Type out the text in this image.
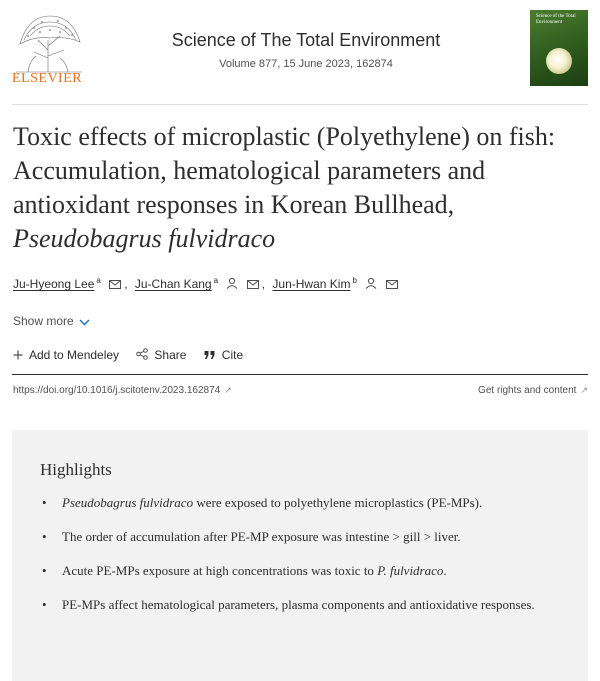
ELSEVIER
Science of The Total Environment
Volume 877, 15 June 2023, 162874
Science of the Total Environment
Toxic effects of microplastic (Polyethylene) on fish: Accumulation, hematological parameters and antioxidant responses in Korean Bullhead, Pseudobagrus fulvidraco
Ju-Hyeong Lee $^a$ , Ju-Chan Kang $^a$	, Jun-Hwan Kim $^b$
Show more
Add to Mendeley	Share	Cite
https://doi.org/10.1016/j.scitotenv.2023.162874 ↗	Get rights and content ↗
Highlights
• Pseudobagrus fulvidraco were exposed to polyethylene microplastics (PE-MPs).
• The order of accumulation after PE-MP exposure was intestine > gill > liver.
• Acute PE-MPs exposure at high concentrations was toxic to P. fulvidraco.
• PE-MPs affect hematological parameters, plasma components and antioxidative responses.
